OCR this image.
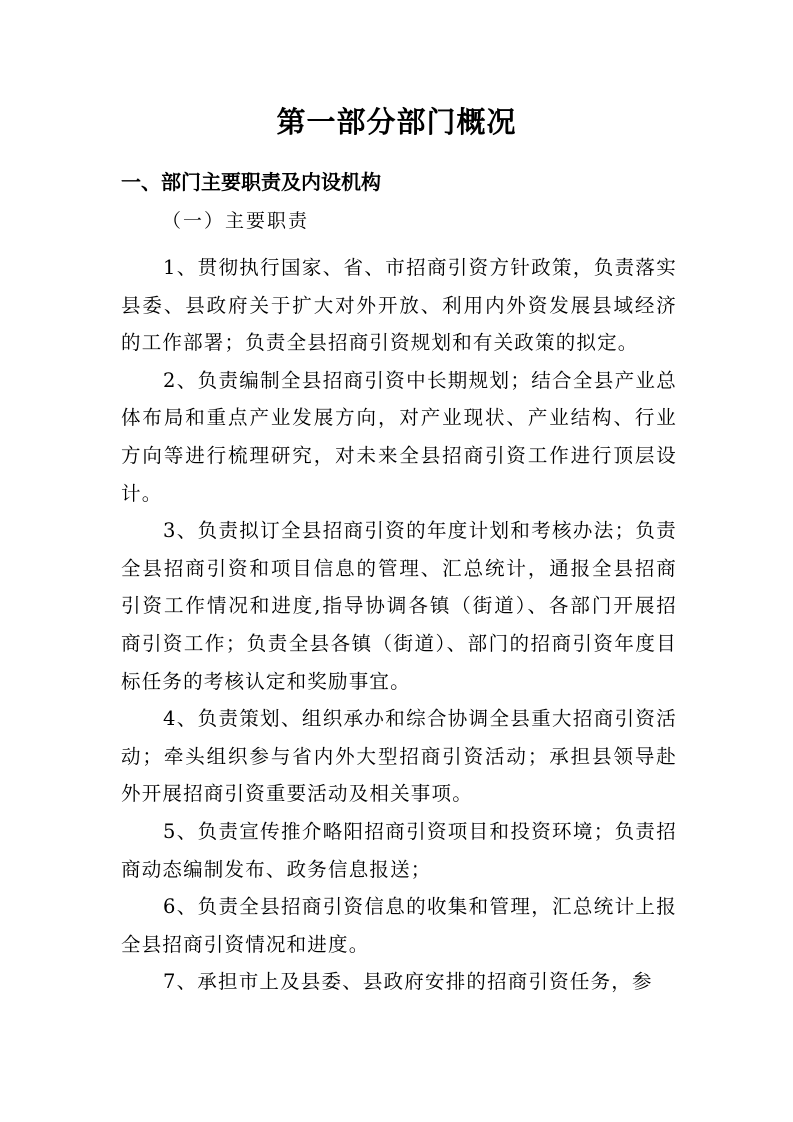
第一部分部门概况
一、部门主要职责及内设机构
（一）主要职责

1、贯彻执行国家、省、市招商引资方针政策，负责落实县委、县政府关于扩大对外开放、利用内外资发展县域经济的工作部署；负责全县招商引资规划和有关政策的拟定。

2、负责编制全县招商引资中长期规划；结合全县产业总体布局和重点产业发展方向，对产业现状、产业结构、行业方向等进行梳理研究，对未来全县招商引资工作进行顶层设计。

3、负责拟订全县招商引资的年度计划和考核办法；负责全县招商引资和项目信息的管理、汇总统计，通报全县招商引资工作情况和进度,指导协调各镇（街道）、各部门开展招商引资工作；负责全县各镇（街道）、部门的招商引资年度目标任务的考核认定和奖励事宜。

4、负责策划、组织承办和综合协调全县重大招商引资活动；牵头组织参与省内外大型招商引资活动；承担县领导赴外开展招商引资重要活动及相关事项。

5、负责宣传推介略阳招商引资项目和投资环境；负责招商动态编制发布、政务信息报送；

6、负责全县招商引资信息的收集和管理，汇总统计上报全县招商引资情况和进度。

7、承担市上及县委、县政府安排的招商引资任务，参
